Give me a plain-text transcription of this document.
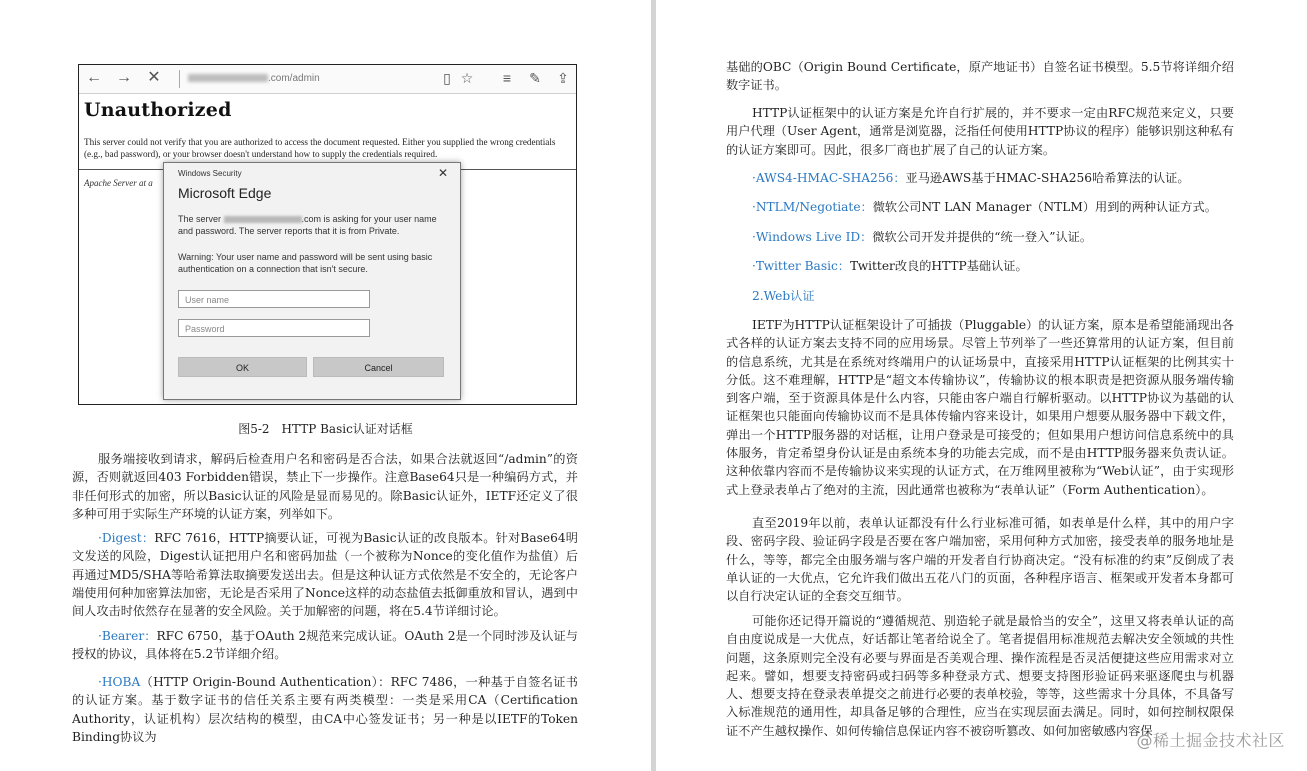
← → ✕	.com/admin	▯ ☆ ≡ ✎ ⇪
Unauthorized
This server could not verify that you are authorized to access the document requested. Either you supplied the wrong credentials (e.g., bad password), or your browser doesn't understand how to supply the credentials required.
Apache Server at a
Windows Security	✕
Microsoft Edge
The server	.com is asking for your user name and password. The server reports that it is from Private.
Warning: Your user name and password will be sent using basic authentication on a connection that isn't secure.
User name
Password
OK	Cancel
图5-2　HTTP Basic认证对话框

服务端接收到请求，解码后检查用户名和密码是否合法，如果合法就返回“/admin”的资源，否则就返回403 Forbidden错误，禁止下一步操作。注意Base64只是一种编码方式，并非任何形式的加密，所以Basic认证的风险是显而易见的。除Basic认证外，IETF还定义了很多种可用于实际生产环境的认证方案，列举如下。

·Digest：RFC 7616，HTTP摘要认证，可视为Basic认证的改良版本。针对Base64明文发送的风险，Digest认证把用户名和密码加盐（一个被称为Nonce的变化值作为盐值）后再通过MD5/SHA等哈希算法取摘要发送出去。但是这种认证方式依然是不安全的，无论客户端使用何种加密算法加密，无论是否采用了Nonce这样的动态盐值去抵御重放和冒认，遇到中间人攻击时依然存在显著的安全风险。关于加解密的问题，将在5.4节详细讨论。

·Bearer：RFC 6750，基于OAuth 2规范来完成认证。OAuth 2是一个同时涉及认证与授权的协议，具体将在5.2节详细介绍。

·HOBA（HTTP Origin-Bound Authentication）：RFC 7486，一种基于自签名证书的认证方案。基于数字证书的信任关系主要有两类模型：一类是采用CA（Certification Authority，认证机构）层次结构的模型，由CA中心签发证书；另一种是以IETF的Token Binding协议为

基础的OBC（Origin Bound Certificate，原产地证书）自签名证书模型。5.5节将详细介绍数字证书。

HTTP认证框架中的认证方案是允许自行扩展的，并不要求一定由RFC规范来定义，只要用户代理（User Agent，通常是浏览器，泛指任何使用HTTP协议的程序）能够识别这种私有的认证方案即可。因此，很多厂商也扩展了自己的认证方案。

·AWS4-HMAC-SHA256：亚马逊AWS基于HMAC-SHA256哈希算法的认证。

·NTLM/Negotiate：微软公司NT LAN Manager（NTLM）用到的两种认证方式。

·Windows Live ID：微软公司开发并提供的“统一登入”认证。

·Twitter Basic：Twitter改良的HTTP基础认证。

2.Web认证

IETF为HTTP认证框架设计了可插拔（Pluggable）的认证方案，原本是希望能涌现出各式各样的认证方案去支持不同的应用场景。尽管上节列举了一些还算常用的认证方案，但目前的信息系统，尤其是在系统对终端用户的认证场景中，直接采用HTTP认证框架的比例其实十分低。这不难理解，HTTP是“超文本传输协议”，传输协议的根本职责是把资源从服务端传输到客户端，至于资源具体是什么内容，只能由客户端自行解析驱动。以HTTP协议为基础的认证框架也只能面向传输协议而不是具体传输内容来设计，如果用户想要从服务器中下载文件，弹出一个HTTP服务器的对话框，让用户登录是可接受的；但如果用户想访问信息系统中的具体服务，肯定希望身份认证是由系统本身的功能去完成，而不是由HTTP服务器来负责认证。这种依靠内容而不是传输协议来实现的认证方式，在万维网里被称为“Web认证”，由于实现形式上登录表单占了绝对的主流，因此通常也被称为“表单认证”（Form Authentication）。

直至2019年以前，表单认证都没有什么行业标准可循，如表单是什么样，其中的用户字段、密码字段、验证码字段是否要在客户端加密，采用何种方式加密，接受表单的服务地址是什么，等等，都完全由服务端与客户端的开发者自行协商决定。“没有标准的约束”反倒成了表单认证的一大优点，它允许我们做出五花八门的页面，各种程序语言、框架或开发者本身都可以自行决定认证的全套交互细节。

可能你还记得开篇说的“遵循规范、别造轮子就是最恰当的安全”，这里又将表单认证的高自由度说成是一大优点，好话都让笔者给说全了。笔者提倡用标准规范去解决安全领域的共性问题，这条原则完全没有必要与界面是否美观合理、操作流程是否灵活便捷这些应用需求对立起来。譬如，想要支持密码或扫码等多种登录方式、想要支持图形验证码来驱逐爬虫与机器人、想要支持在登录表单提交之前进行必要的表单校验，等等，这些需求十分具体，不具备写入标准规范的通用性，却具备足够的合理性，应当在实现层面去满足。同时，如何控制权限保证不产生越权操作、如何传输信息保证内容不被窃听篡改、如何加密敏感内容保

@稀土掘金技术社区
